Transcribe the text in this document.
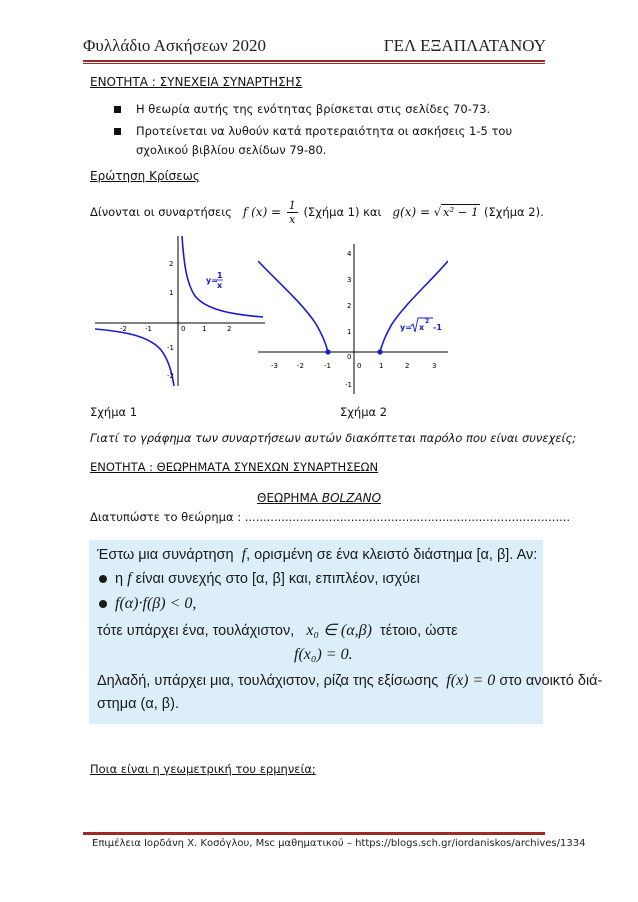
Φυλλάδιο Ασκήσεων 2020	ΓΕΛ ΕΞΑΠΛΑΤΑΝΟΥ
ΕΝΟΤΗΤΑ : ΣΥΝΕΧΕΙΑ ΣΥΝΑΡΤΗΣΗΣ
Η θεωρία αυτής της ενότητας βρίσκεται στις σελίδες 70-73.
Προτείνεται να λυθούν κατά προτεραιότητα οι ασκήσεις 1-5 του σχολικού βιβλίου σελίδων 79-80.
Ερώτηση Κρίσεως
Δίνονται οι συναρτήσεις f $(x) = \frac{1}{x} (\Sigma\chi ή\mu\alpha$ 1) και g(x) = √ x² − 1 (Σχήμα 2).
-2	-1	0 1	2
2
1
-1
-2
y=
1
x
-3	-2	-1	0	1	2	3
4
3
2
1
0
-1
y= x
2
-1
Σχήμα 1	Σχήμα 2
Γιατί το γράφημα των συναρτήσεων αυτών διακόπτεται παρόλο που είναι συνεχείς;
ΕΝΟΤΗΤΑ : ΘΕΩΡΗΜΑΤΑ ΣΥΝΕΧΩΝ ΣΥΝΑΡΤΗΣΕΩΝ
ΘΕΩΡΗΜΑ BOLZANO
Διατυπώστε το θεώρημα : .........................................................................................
Έστω μια συνάρτηση f, ορισμένη σε ένα κλειστό διάστημα [α, β]. Αν:
η f είναι συνεχής στο [α, β] και, επιπλέον, ισχύει
f(α)·f(β) < 0,
τότε υπάρχει ένα, τουλάχιστον, x₀ ∈ (α,β) τέτοιο, ώστε
f(x₀) = 0.
Δηλαδή, υπάρχει μια, τουλάχιστον, ρίζα της εξίσωσης f(x) = 0 στο ανοικτό διά-
στημα (α, β).
Ποια είναι η γεωμετρική του ερμηνεία;
Επιμέλεια Ιορδάνη Χ. Κοσόγλου, Msc μαθηματικού – https://blogs.sch.gr/iordaniskos/archives/1334
